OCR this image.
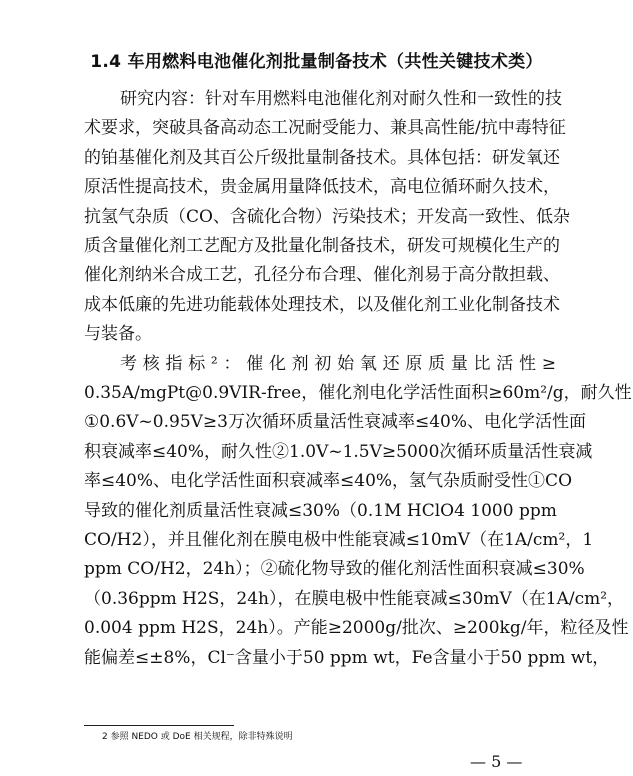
1.4 车用燃料电池催化剂批量制备技术（共性关键技术类）
研究内容：针对车用燃料电池催化剂对耐久性和一致性的技
术要求，突破具备高动态工况耐受能力、兼具高性能/抗中毒特征
的铂基催化剂及其百公斤级批量制备技术。具体包括：研发氧还
原活性提高技术，贵金属用量降低技术，高电位循环耐久技术，
抗氢气杂质（CO、含硫化合物）污染技术；开发高一致性、低杂
质含量催化剂工艺配方及批量化制备技术，研发可规模化生产的
催化剂纳米合成工艺，孔径分布合理、催化剂易于高分散担载、
成本低廉的先进功能载体处理技术，以及催化剂工业化制备技术
与装备。
考核指标²：催化剂初始氧还原质量比活性≥
0.35A/mgPt@0.9VIR-free，催化剂电化学活性面积≥60m²/g，耐久性
①0.6V~0.95V≥3万次循环质量活性衰减率≤40%、电化学活性面
积衰减率≤40%，耐久性②1.0V~1.5V≥5000次循环质量活性衰减
率≤40%、电化学活性面积衰减率≤40%，氢气杂质耐受性①CO
导致的催化剂质量活性衰减≤30%（0.1M HClO4 1000 ppm
CO/H2），并且催化剂在膜电极中性能衰减≤10mV（在1A/cm²，1
ppm CO/H2，24h）；②硫化物导致的催化剂活性面积衰减≤30%
（0.36ppm H2S，24h），在膜电极中性能衰减≤30mV（在1A/cm²，
0.004 ppm H2S，24h）。产能≥2000g/批次、≥200kg/年，粒径及性
能偏差≤±8%，Cl⁻含量小于50 ppm wt，Fe含量小于50 ppm wt，
2 参照 NEDO 或 DoE 相关规程，除非特殊说明
— 5 —
